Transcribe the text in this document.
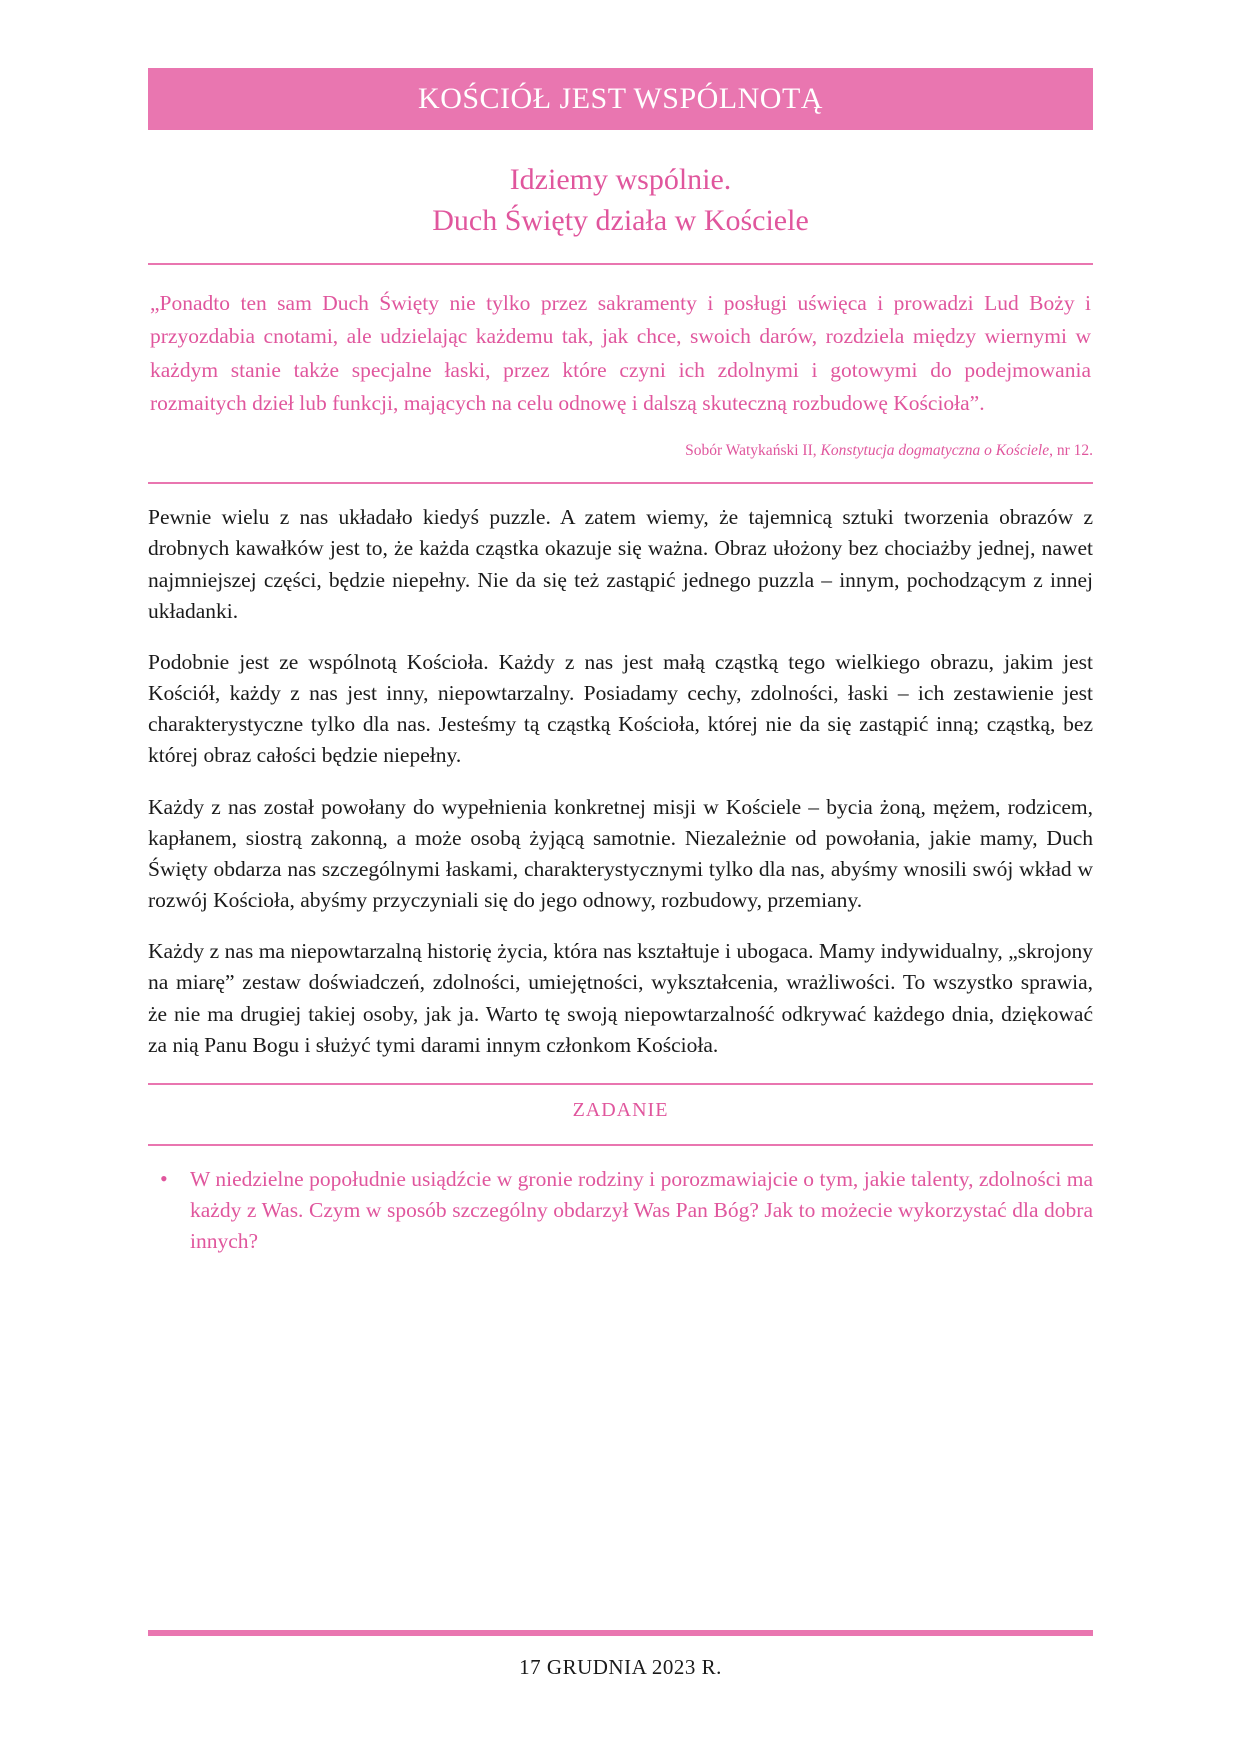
KOŚCIÓŁ JEST WSPÓLNOTĄ
Idziemy wspólnie.
Duch Święty działa w Kościele

„Ponadto ten sam Duch Święty nie tylko przez sakramenty i posługi uświęca i prowadzi Lud Boży i przyozdabia cnotami, ale udzielając każdemu tak, jak chce, swoich darów, rozdziela między wiernymi w każdym stanie także specjalne łaski, przez które czyni ich zdolnymi i gotowymi do podejmowania rozmaitych dzieł lub funkcji, mających na celu odnowę i dalszą skuteczną rozbudowę Kościoła”.

Sobór Watykański II, Konstytucja dogmatyczna o Kościele, nr 12.

Pewnie wielu z nas układało kiedyś puzzle. A zatem wiemy, że tajemnicą sztuki tworzenia obrazów z drobnych kawałków jest to, że każda cząstka okazuje się ważna. Obraz ułożony bez chociażby jednej, nawet najmniejszej części, będzie niepełny. Nie da się też zastąpić jednego puzzla – innym, pochodzącym z innej układanki.

Podobnie jest ze wspólnotą Kościoła. Każdy z nas jest małą cząstką tego wielkiego obrazu, jakim jest Kościół, każdy z nas jest inny, niepowtarzalny. Posiadamy cechy, zdolności, łaski – ich zestawienie jest charakterystyczne tylko dla nas. Jesteśmy tą cząstką Kościoła, której nie da się zastąpić inną; cząstką, bez której obraz całości będzie niepełny.

Każdy z nas został powołany do wypełnienia konkretnej misji w Kościele – bycia żoną, mężem, rodzicem, kapłanem, siostrą zakonną, a może osobą żyjącą samotnie. Niezależnie od powołania, jakie mamy, Duch Święty obdarza nas szczególnymi łaskami, charakterystycznymi tylko dla nas, abyśmy wnosili swój wkład w rozwój Kościoła, abyśmy przyczyniali się do jego odnowy, rozbudowy, przemiany.

Każdy z nas ma niepowtarzalną historię życia, która nas kształtuje i ubogaca. Mamy indywidualny, „skrojony na miarę” zestaw doświadczeń, zdolności, umiejętności, wykształcenia, wrażliwości. To wszystko sprawia, że nie ma drugiej takiej osoby, jak ja. Warto tę swoją niepowtarzalność odkrywać każdego dnia, dziękować za nią Panu Bogu i służyć tymi darami innym członkom Kościoła.

ZADANIE
• W niedzielne popołudnie usiądźcie w gronie rodziny i porozmawiajcie o tym, jakie talenty, zdolności ma każdy z Was. Czym w sposób szczególny obdarzył Was Pan Bóg? Jak to możecie wykorzystać dla dobra innych?
17 GRUDNIA 2023 R.
